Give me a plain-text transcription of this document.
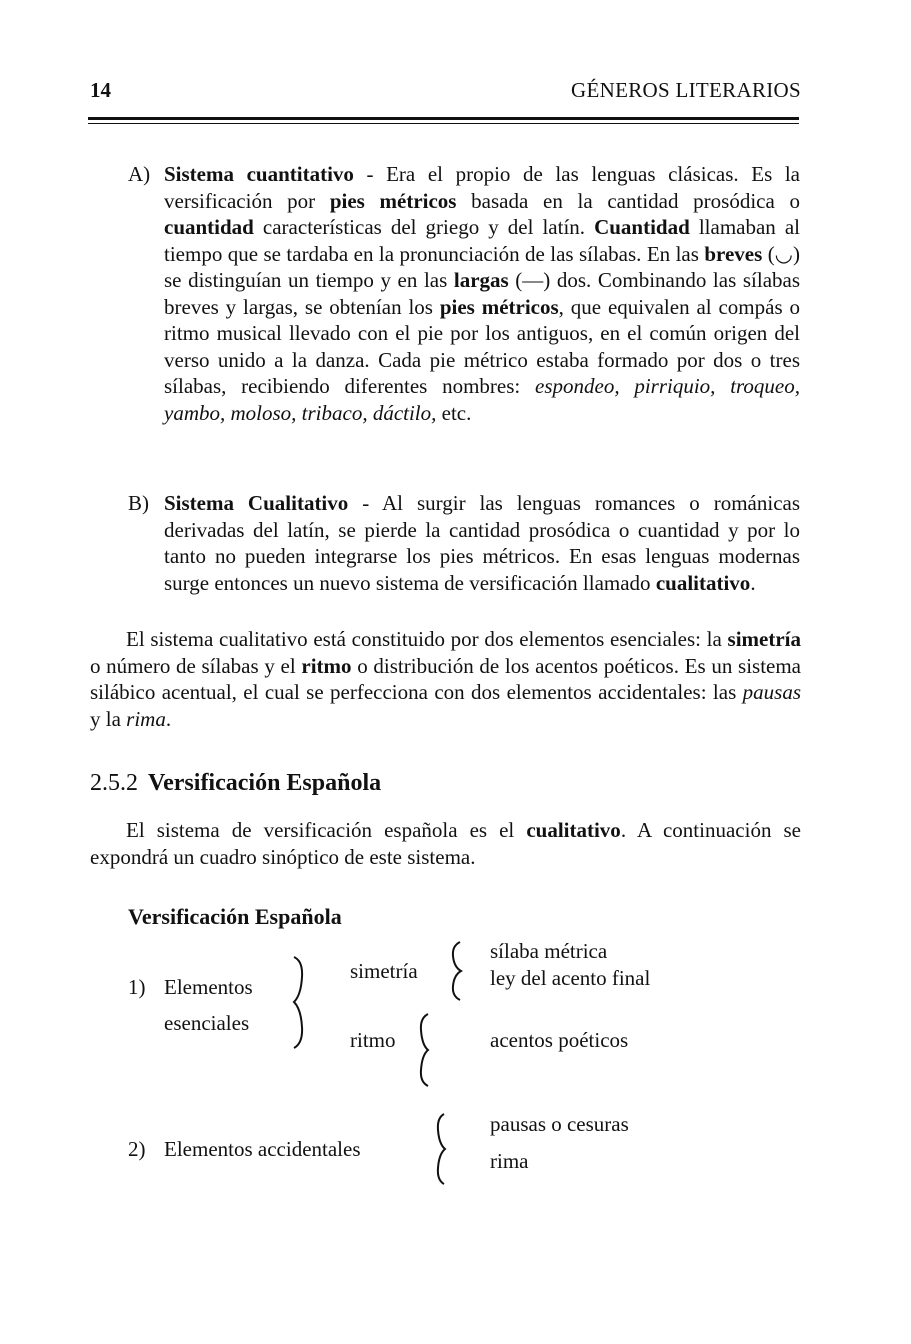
14	GÉNEROS LITERARIOS
A) Sistema cuantitativo - Era el propio de las lenguas clásicas. Es la versificación por pies métricos basada en la cantidad prosódica o cuantidad características del griego y del latín. Cuantidad llamaban al tiempo que se tardaba en la pronunciación de las sílabas. En las breves (◡) se distinguían un tiempo y en las largas (—) dos. Combinando las sílabas breves y largas, se obtenían los pies métricos, que equivalen al compás o ritmo musical llevado con el pie por los antiguos, en el común origen del verso unido a la danza. Cada pie métrico estaba formado por dos o tres sílabas, recibiendo diferentes nombres: espondeo, pirriquio, troqueo, yambo, moloso, tribaco, dáctilo, etc.
B) Sistema Cualitativo - Al surgir las lenguas romances o románicas derivadas del latín, se pierde la cantidad prosódica o cuantidad y por lo tanto no pueden integrarse los pies métricos. En esas lenguas modernas surge entonces un nuevo sistema de versificación llamado cualitativo.
El sistema cualitativo está constituido por dos elementos esenciales: la simetría o número de sílabas y el ritmo o distribución de los acentos poéticos. Es un sistema silábico acentual, el cual se perfecciona con dos elementos accidentales: las pausas y la rima.
2.5.2 Versificación Española
El sistema de versificación española es el cualitativo. A continuación se expondrá un cuadro sinóptico de este sistema.
Versificación Española
1) Elementos
esenciales
simetría
sílaba métrica
ley del acento final
ritmo	acentos poéticos
2) Elementos accidentales
pausas o cesuras
rima
